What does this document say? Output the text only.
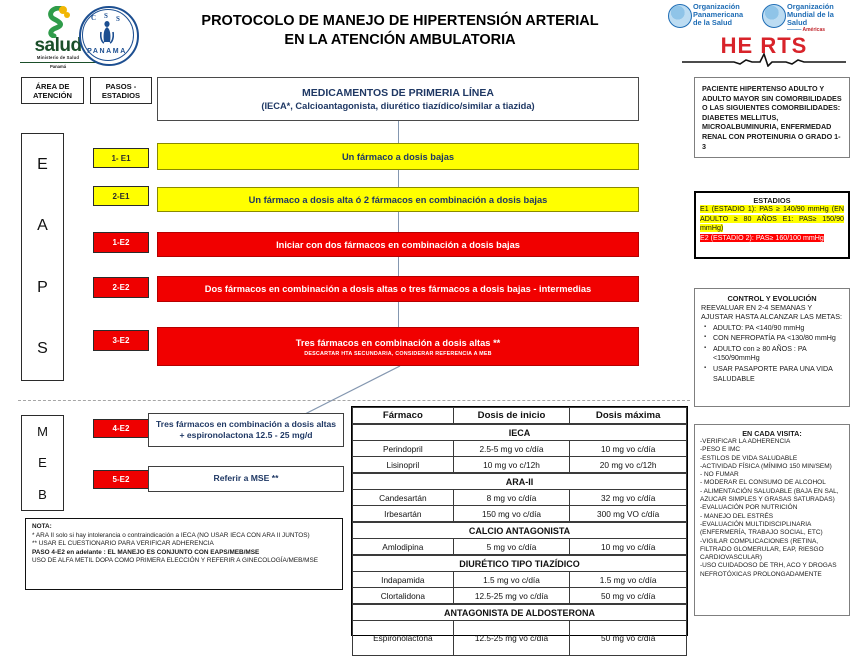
salud
Ministerio de Salud
Panamá
C S S
PANAMA
PROTOCOLO DE MANEJO DE HIPERTENSIÓN ARTERIAL
EN LA ATENCIÓN AMBULATORIA
Organización
Panamericana
de la Salud
Organización
Mundial de la Salud
——— Américas
HE RTS
ÁREA DE ATENCIÓN
PASOS - ESTADIOS
E
A
P
S
M
E
B
1- E1
2-E1
1-E2
2-E2
3-E2
4-E2
5-E2
MEDICAMENTOS DE PRIMERIA LÍNEA
(IECA*, Calcioantagonista, diurético tiazídico/similar a tiazida)
Un fármaco a dosis bajas
Un fármaco a dosis alta ó 2 fármacos en combinación a dosis bajas
Iniciar con dos fármacos en combinación a dosis bajas
Dos fármacos en combinación a dosis altas o tres fármacos a dosis bajas - intermedias
Tres fármacos en combinación a dosis altas **
DESCARTAR HTA SECUNDARIA, CONSIDERAR REFERENCIA A MEB
Tres fármacos en combinación a dosis altas + espironolactona 12.5 - 25 mg/d
Referir a MSE **
NOTA:
* ARA II solo si hay intolerancia o contraindicación a IECA (NO USAR IECA CON ARA II JUNTOS)
** USAR EL CUESTIONARIO PARA VERIFICAR ADHERENCIA
PASO 4-E2 en adelante : EL MANEJO ES CONJUNTO CON EAPS/MEB/MSE
USO DE ALFA METIL DOPA COMO PRIMERA ELECCIÓN Y REFERIR A GINECOLOGÍA/MEB/MSE
Fármaco	Dosis de inicio	Dosis máxima
IECA		
Perindopril	2.5-5 mg vo c/día	10 mg vo c/día
Lisinopril	10 mg vo c/12h	20 mg vo c/12h
ARA-II		
Candesartán	8 mg vo c/día	32 mg vo c/día
Irbesartán	150 mg vo c/día	300 mg VO c/día
CALCIO ANTAGONISTA		
Amlodipina	5 mg vo c/día	10 mg vo c/día
DIURÉTICO TIPO TIAZÍDICO		
Indapamida	1.5 mg vo c/día	1.5 mg vo c/día
Clortalidona	12.5-25 mg vo c/día	50 mg vo c/día
ANTAGONISTA DE ALDOSTERONA		
Espironolactona	12.5-25 mg vo c/día	50 mg vo c/día
PACIENTE HIPERTENSO ADULTO Y ADULTO MAYOR SIN COMORBILIDADES O LAS SIGUIENTES COMORBILIDADES: DIABETES MELLITUS, MICROALBUMINURIA, ENFERMEDAD RENAL CON PROTEINURIA O GRADO 1-3
ESTADIOS
E1 (ESTADIO 1): PAS ≥ 140/90 mmHg (EN ADULTO ≥ 80 AÑOS E1: PAS≥ 150/90 mmHg)
E2 (ESTADIO 2): PAS≥ 160/100 mmHg
CONTROL Y EVOLUCIÓN
REEVALUAR EN 2-4 SEMANAS Y AJUSTAR HASTA ALCANZAR LAS METAS:
▪ ADULTO: PA <140/90 mmHg
▪ CON NEFROPATÍA PA <130/80 mmHg
▪ ADULTO con ≥ 80 AÑOS : PA <150/90mmHg
▪ USAR PASAPORTE PARA UNA VIDA SALUDABLE
EN CADA VISITA:
-VERIFICAR LA ADHERENCIA
-PESO E IMC
-ESTILOS DE VIDA SALUDABLE
-ACTIVIDAD FÍSICA (MÍNIMO 150 MIN/SEM)
- NO FUMAR
- MODERAR EL CONSUMO DE ALCOHOL
- ALIMENTACIÓN SALUDABLE (BAJA EN SAL, AZUCAR SIMPLES Y GRASAS SATURADAS)
-EVALUACIÓN POR NUTRICIÓN
- MANEJO DEL ESTRÉS
-EVALUACIÓN MULTIDISCIPLINARIA (ENFERMERÍA, TRABAJO SOCIAL, ETC)
-VIGILAR COMPLICACIONES (RETINA, FILTRADO GLOMERULAR, EAP, RIESGO CARDIOVASCULAR)
-USO CUIDADOSO DE TRH, ACO Y DROGAS NEFROTÓXICAS PROLONGADAMENTE
